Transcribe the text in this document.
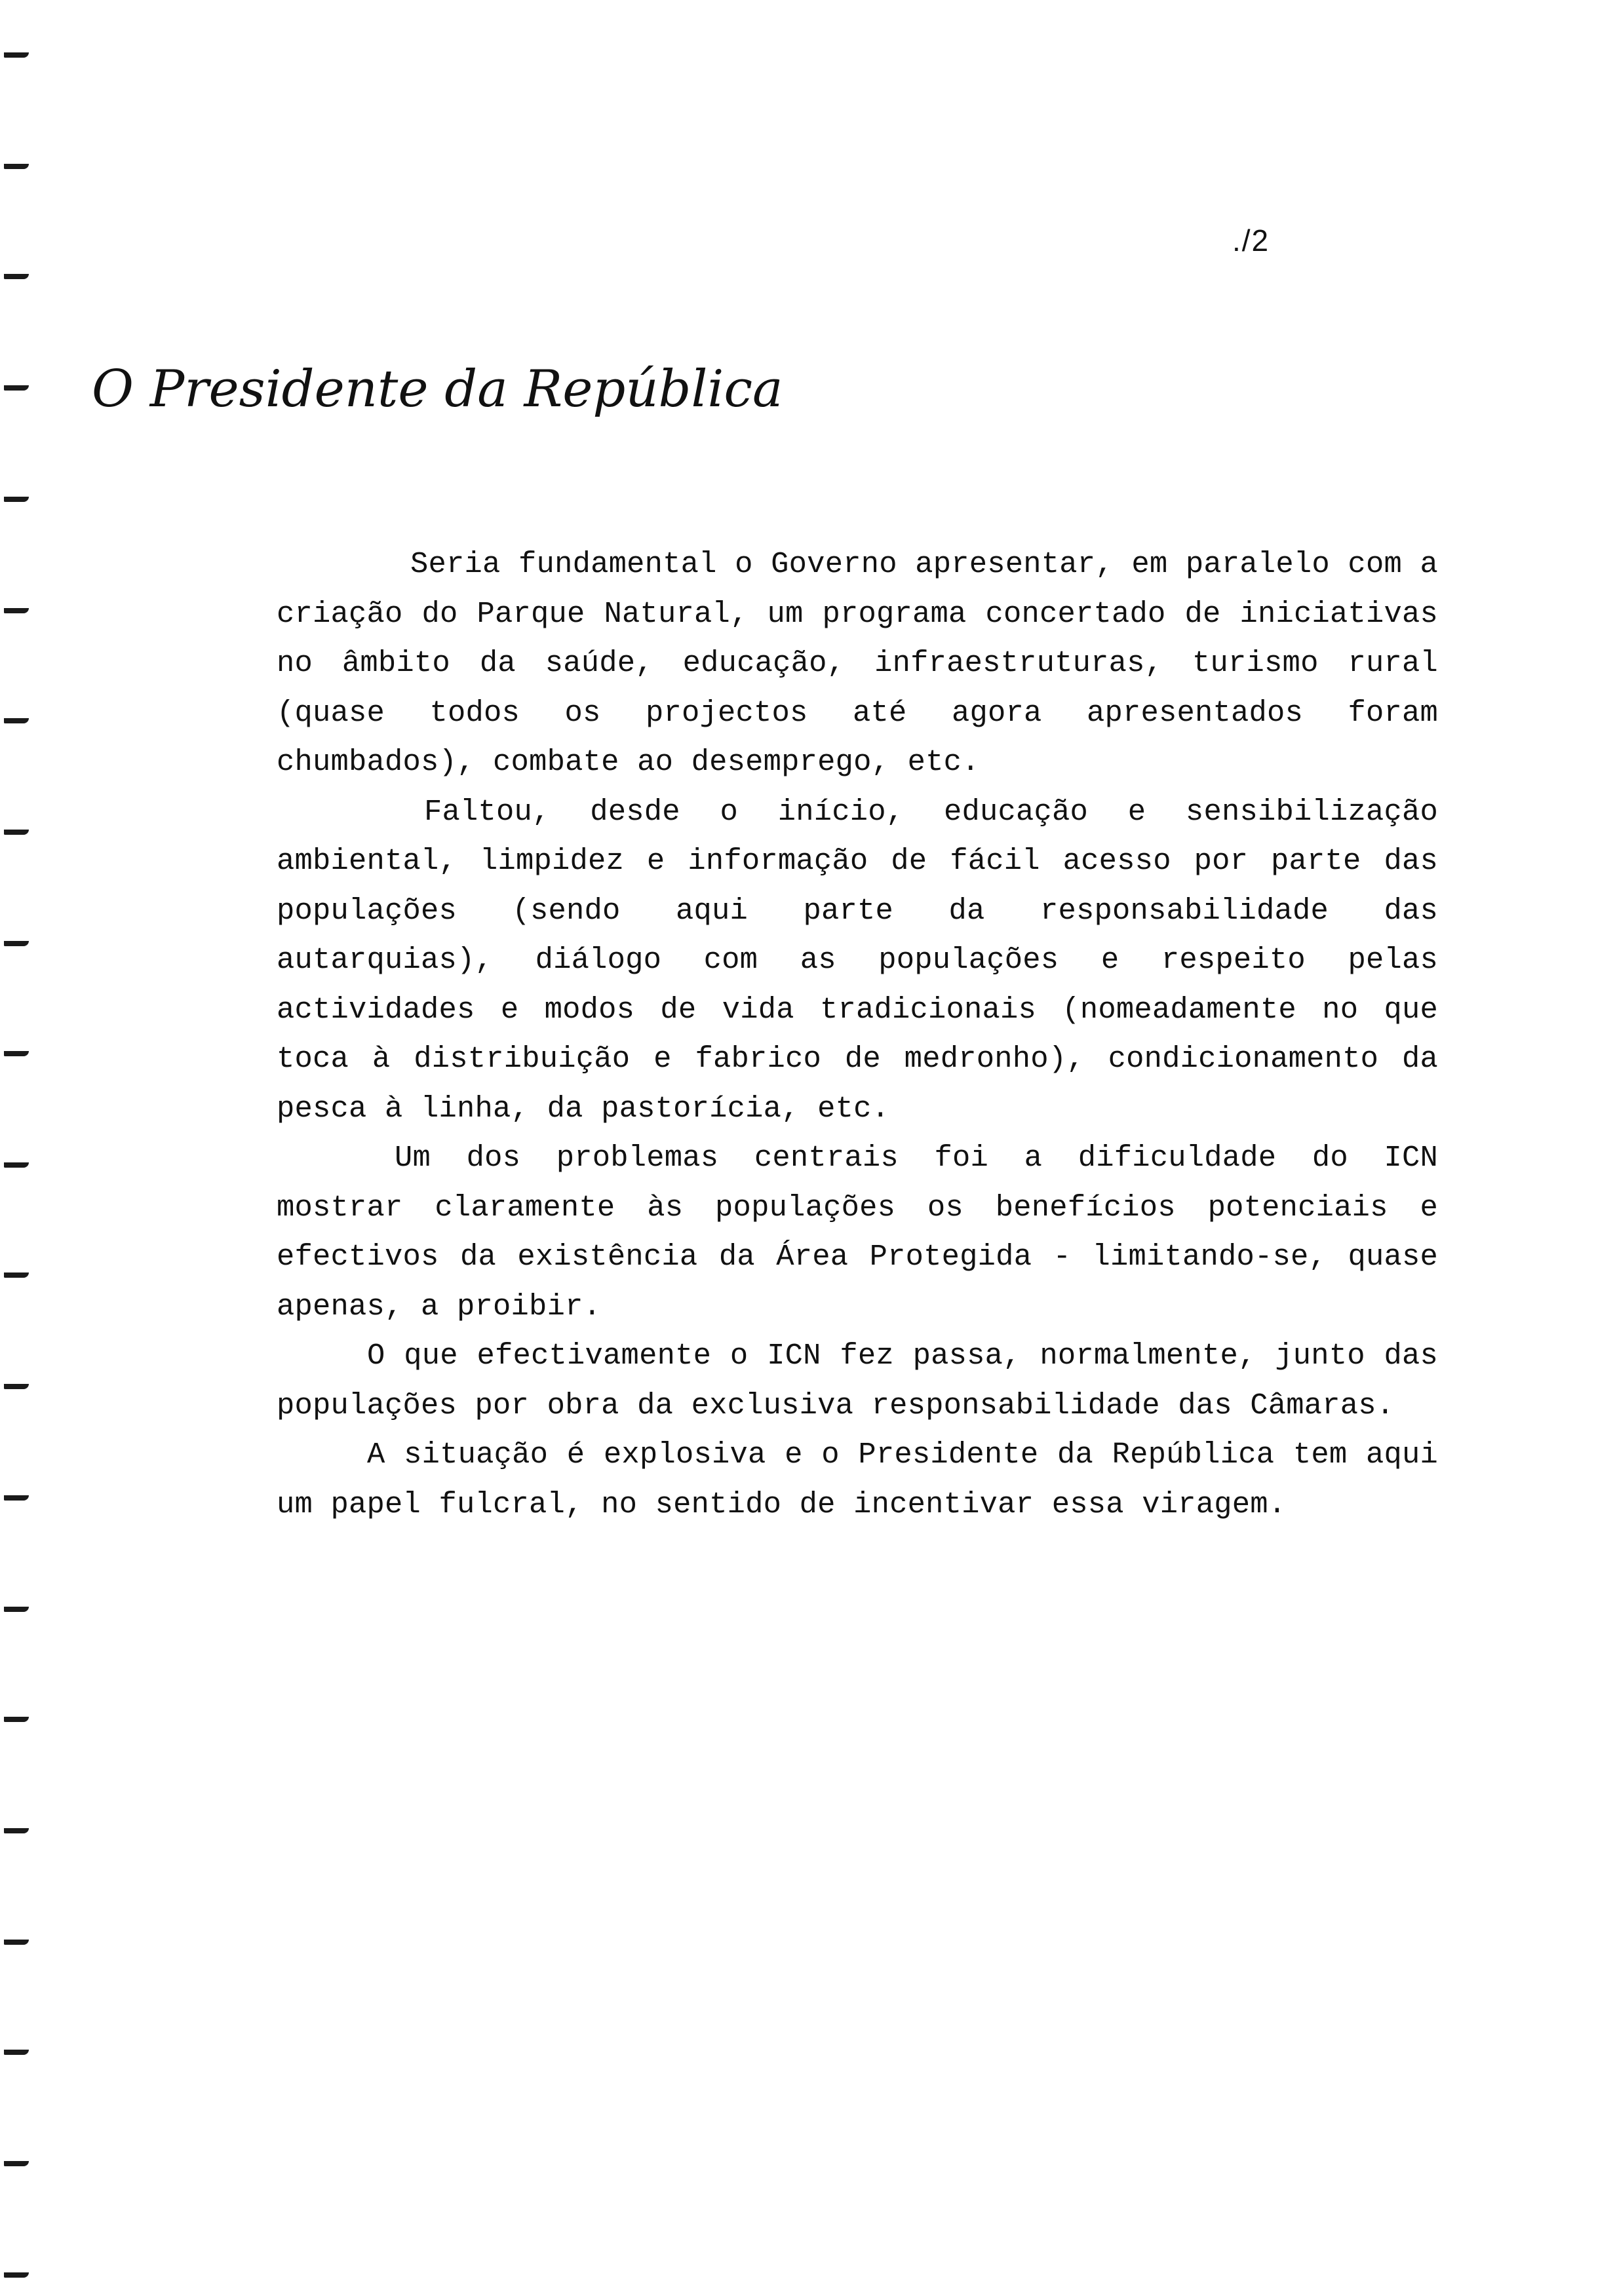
./2
O Presidente da República

Seria fundamental o Governo apresentar, em paralelo com a criação do Parque Natural, um programa concertado de iniciativas no âmbito da saúde, educação, infraestruturas, turismo rural (quase todos os projectos até agora apresentados foram chumbados), combate ao desemprego, etc.

Faltou, desde o início, educação e sensibilização ambiental, limpidez e informação de fácil acesso por parte das populações (sendo aqui parte da responsabilidade das autarquias), diálogo com as populações e respeito pelas actividades e modos de vida tradicionais (nomeadamente no que toca à distribuição e fabrico de medronho), condicionamento da pesca à linha, da pastorícia, etc.

Um dos problemas centrais foi a dificuldade do ICN mostrar claramente às populações os benefícios potenciais e efectivos da existência da Área Protegida - limitando-se, quase apenas, a proibir.

O que efectivamente o ICN fez passa, normalmente, junto das populações por obra da exclusiva responsabilidade das Câmaras.

A situação é explosiva e o Presidente da República tem aqui um papel fulcral, no sentido de incentivar essa viragem.
